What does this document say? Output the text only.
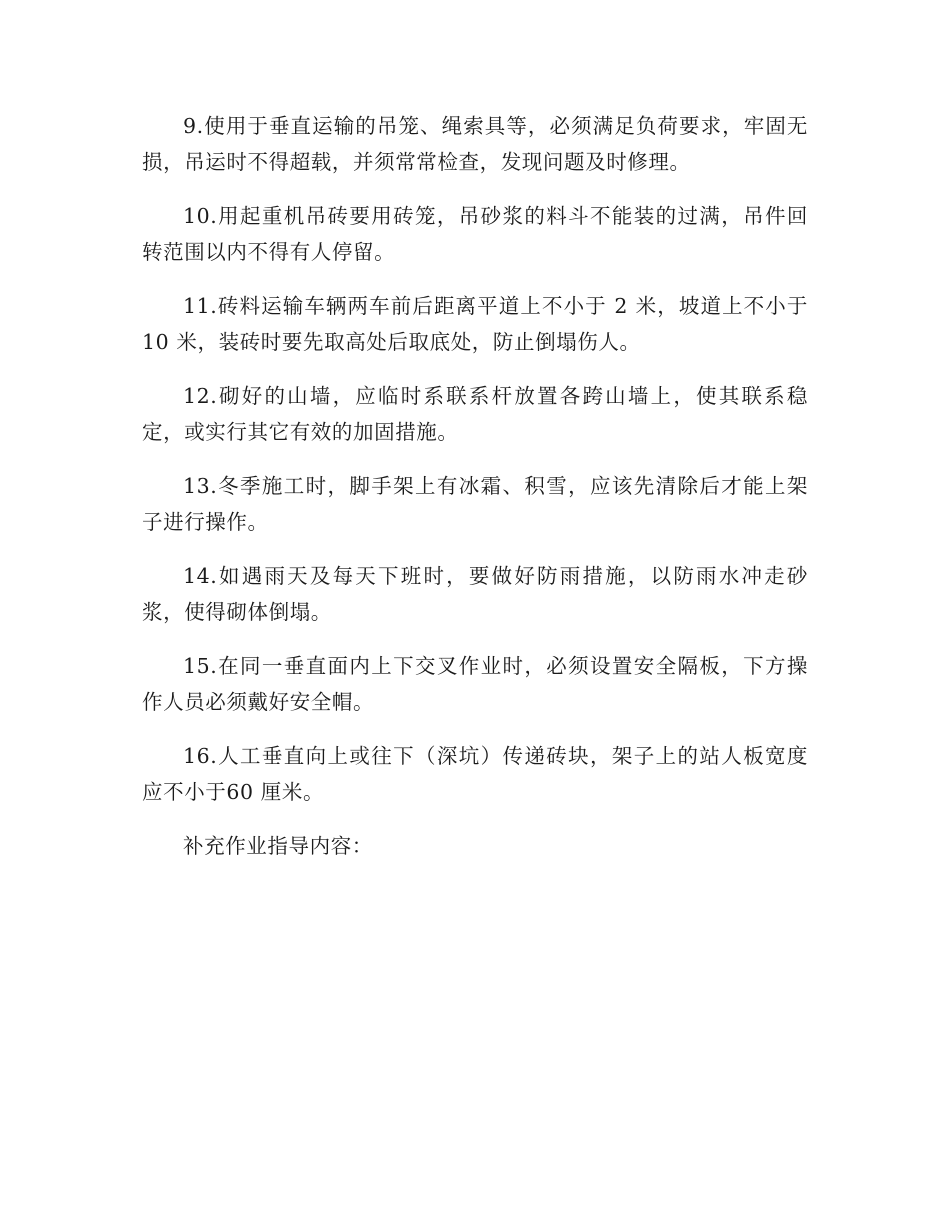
9.使用于垂直运输的吊笼、绳索具等，必须满足负荷要求，牢固无损，吊运时不得超载，并须常常检查，发现问题及时修理。

10.用起重机吊砖要用砖笼，吊砂浆的料斗不能装的过满，吊件回转范围以内不得有人停留。

11.砖料运输车辆两车前后距离平道上不小于 2 米，坡道上不小于 10 米，装砖时要先取高处后取底处，防止倒塌伤人。

12.砌好的山墙，应临时系联系杆放置各跨山墙上，使其联系稳定，或实行其它有效的加固措施。

13.冬季施工时，脚手架上有冰霜、积雪，应该先清除后才能上架子进行操作。

14.如遇雨天及每天下班时，要做好防雨措施，以防雨水冲走砂浆，使得砌体倒塌。

15.在同一垂直面内上下交叉作业时，必须设置安全隔板，下方操作人员必须戴好安全帽。

16.人工垂直向上或往下（深坑）传递砖块，架子上的站人板宽度应不小于60 厘米。

补充作业指导内容：
